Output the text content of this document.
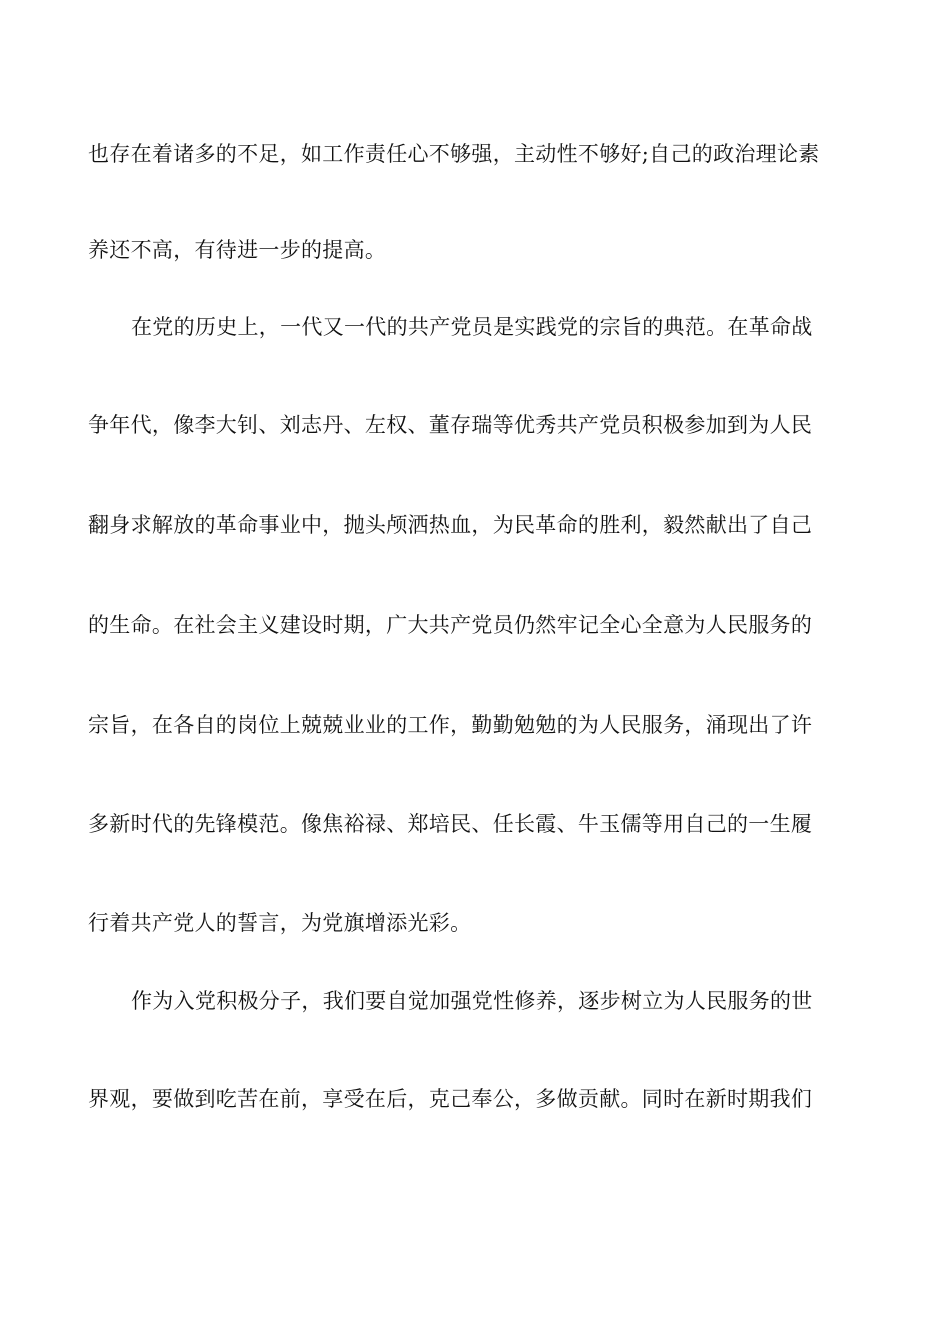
也存在着诸多的不足，如工作责任心不够强，主动性不够好;自己的政治理论素
养还不高，有待进一步的提高。
在党的历史上，一代又一代的共产党员是实践党的宗旨的典范。在革命战
争年代，像李大钊、刘志丹、左权、董存瑞等优秀共产党员积极参加到为人民
翻身求解放的革命事业中，抛头颅洒热血，为民革命的胜利，毅然献出了自己
的生命。在社会主义建设时期，广大共产党员仍然牢记全心全意为人民服务的
宗旨，在各自的岗位上兢兢业业的工作，勤勤勉勉的为人民服务，涌现出了许
多新时代的先锋模范。像焦裕禄、郑培民、任长霞、牛玉儒等用自己的一生履
行着共产党人的誓言，为党旗增添光彩。
作为入党积极分子，我们要自觉加强党性修养，逐步树立为人民服务的世
界观，要做到吃苦在前，享受在后，克己奉公，多做贡献。同时在新时期我们
